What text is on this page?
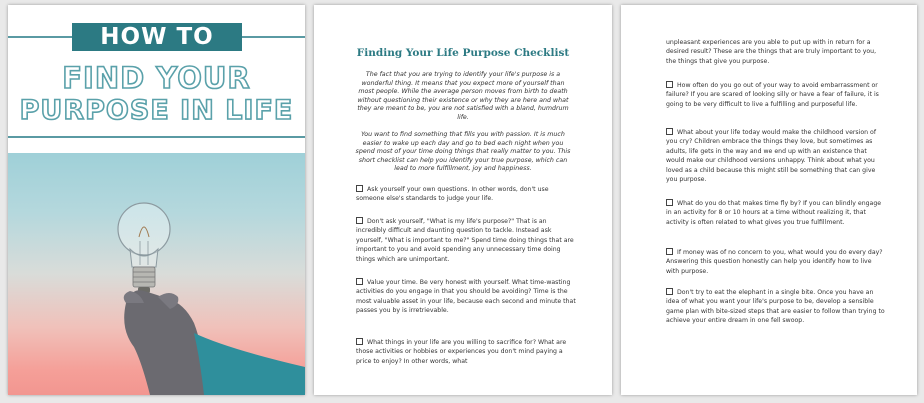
HOW TO
FIND YOUR
PURPOSE IN LIFE
Finding Your Life Purpose Checklist

The fact that you are trying to identify your life's purpose is a wonderful thing. It means that you expect more of yourself than most people. While the average person moves from birth to death without questioning their existence or why they are here and what they are meant to be, you are not satisfied with a bland, humdrum life.

You want to find something that fills you with passion. It is much easier to wake up each day and go to bed each night when you spend most of your time doing things that really matter to you. This short checklist can help you identify your true purpose, which can lead to more fulfillment, joy and happiness.

Ask yourself your own questions. In other words, don't use someone else's standards to judge your life.

Don't ask yourself, "What is my life's purpose?" That is an incredibly difficult and daunting question to tackle. Instead ask yourself, "What is important to me?" Spend time doing things that are important to you and avoid spending any unnecessary time doing things which are unimportant.

Value your time. Be very honest with yourself. What time-wasting activities do you engage in that you should be avoiding? Time is the most valuable asset in your life, because each second and minute that passes you by is irretrievable.

What things in your life are you willing to sacrifice for? What are those activities or hobbies or experiences you don't mind paying a price to enjoy? In other words, what

unpleasant experiences are you able to put up with in return for a desired result? These are the things that are truly important to you, the things that give you purpose.

How often do you go out of your way to avoid embarrassment or failure? If you are scared of looking silly or have a fear of failure, it is going to be very difficult to live a fulfilling and purposeful life.

What about your life today would make the childhood version of you cry? Children embrace the things they love, but sometimes as adults, life gets in the way and we end up with an existence that would make our childhood versions unhappy. Think about what you loved as a child because this might still be something that can give you purpose.

What do you do that makes time fly by? If you can blindly engage in an activity for 8 or 10 hours at a time without realizing it, that activity is often related to what gives you true fulfillment.

If money was of no concern to you, what would you do every day? Answering this question honestly can help you identify how to live with purpose.

Don't try to eat the elephant in a single bite. Once you have an idea of what you want your life's purpose to be, develop a sensible game plan with bite-sized steps that are easier to follow than trying to achieve your entire dream in one fell swoop.
